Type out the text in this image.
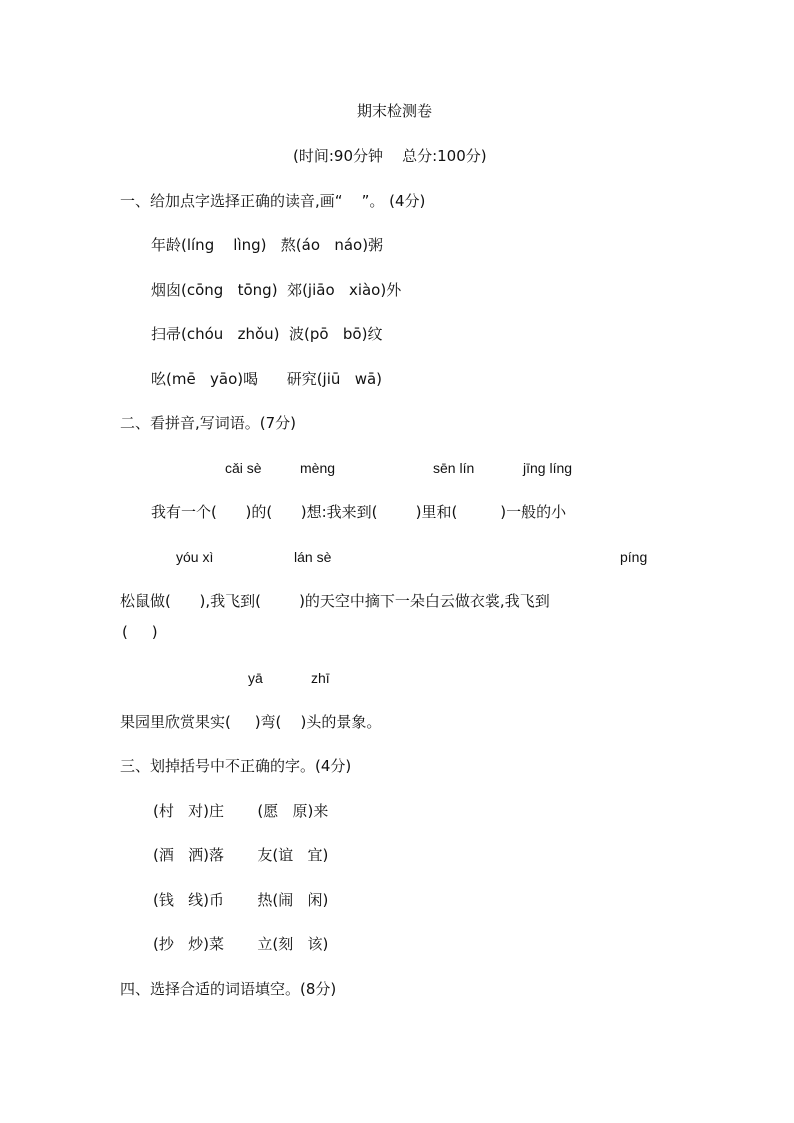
期末检测卷
(时间:90分钟    总分:100分)
一、给加点字选择正确的读音,画“    ”。 (4分)
年龄(líng    lìng)   熬(áo   náo)粥
烟囱(cōng   tōng)  郊(jiāo   xiào)外
扫帚(chóu   zhǒu)  波(pō   bō)纹
吆(mē   yāo)喝      研究(jiū   wā)
二、看拼音,写词语。(7分)
cǎi sè	mèng	sēn lín	jīng líng
我有一个(      )的(      )想:我来到(        )里和(         )一般的小
yóu xì	lán sè	píng
松鼠做(      ),我飞到(        )的天空中摘下一朵白云做衣裳,我飞到
(     )
yā	zhī
果园里欣赏果实(     )弯(    )头的景象。
三、划掉括号中不正确的字。(4分)
(村   对)庄       (愿   原)来
(酒   洒)落       友(谊   宜)
(钱   线)币       热(闹   闲)
(抄   炒)菜       立(刻   该)
四、选择合适的词语填空。(8分)
